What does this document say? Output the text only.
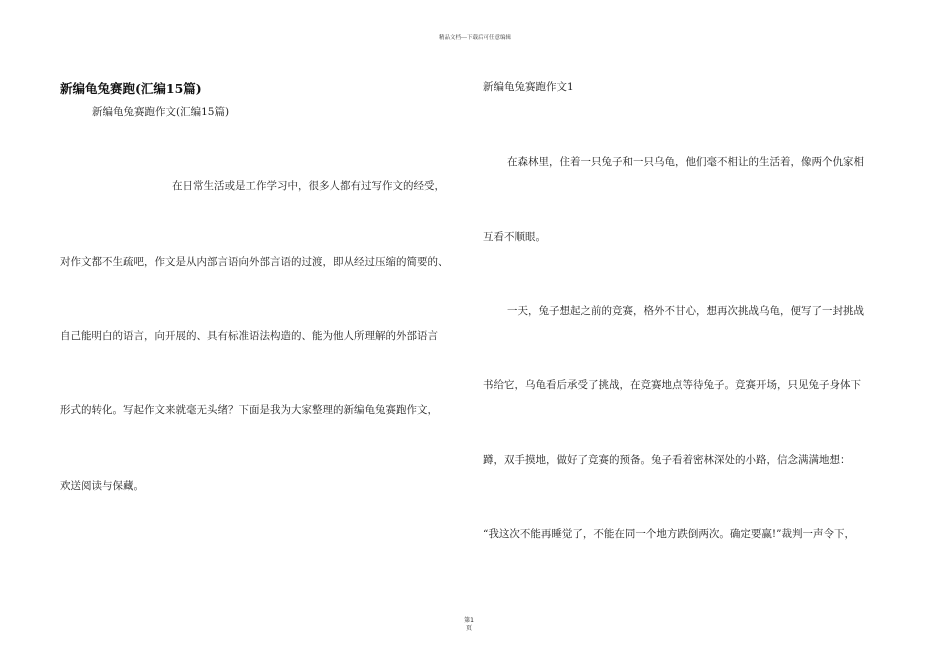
精品文档---下载后可任意编辑
新编龟兔赛跑(汇编15篇)
新编龟兔赛跑作文(汇编15篇)
在日常生活或是工作学习中，很多人都有过写作文的经受，
对作文都不生疏吧，作文是从内部言语向外部言语的过渡，即从经过压缩的简要的、
自己能明白的语言，向开展的、具有标准语法构造的、能为他人所理解的外部语言
形式的转化。写起作文来就毫无头绪？下面是我为大家整理的新编龟兔赛跑作文，
欢送阅读与保藏。
新编龟兔赛跑作文1
在森林里，住着一只兔子和一只乌龟，他们毫不相让的生活着，像两个仇家相
互看不顺眼。
一天，兔子想起之前的竞赛，格外不甘心，想再次挑战乌龟，便写了一封挑战
书给它，乌龟看后承受了挑战，在竞赛地点等待兔子。竞赛开场，只见兔子身体下
蹲，双手摸地，做好了竞赛的预备。兔子看着密林深处的小路，信念满满地想：
“我这次不能再睡觉了，不能在同一个地方跌倒两次。确定要赢!”裁判一声令下，
第1
页
